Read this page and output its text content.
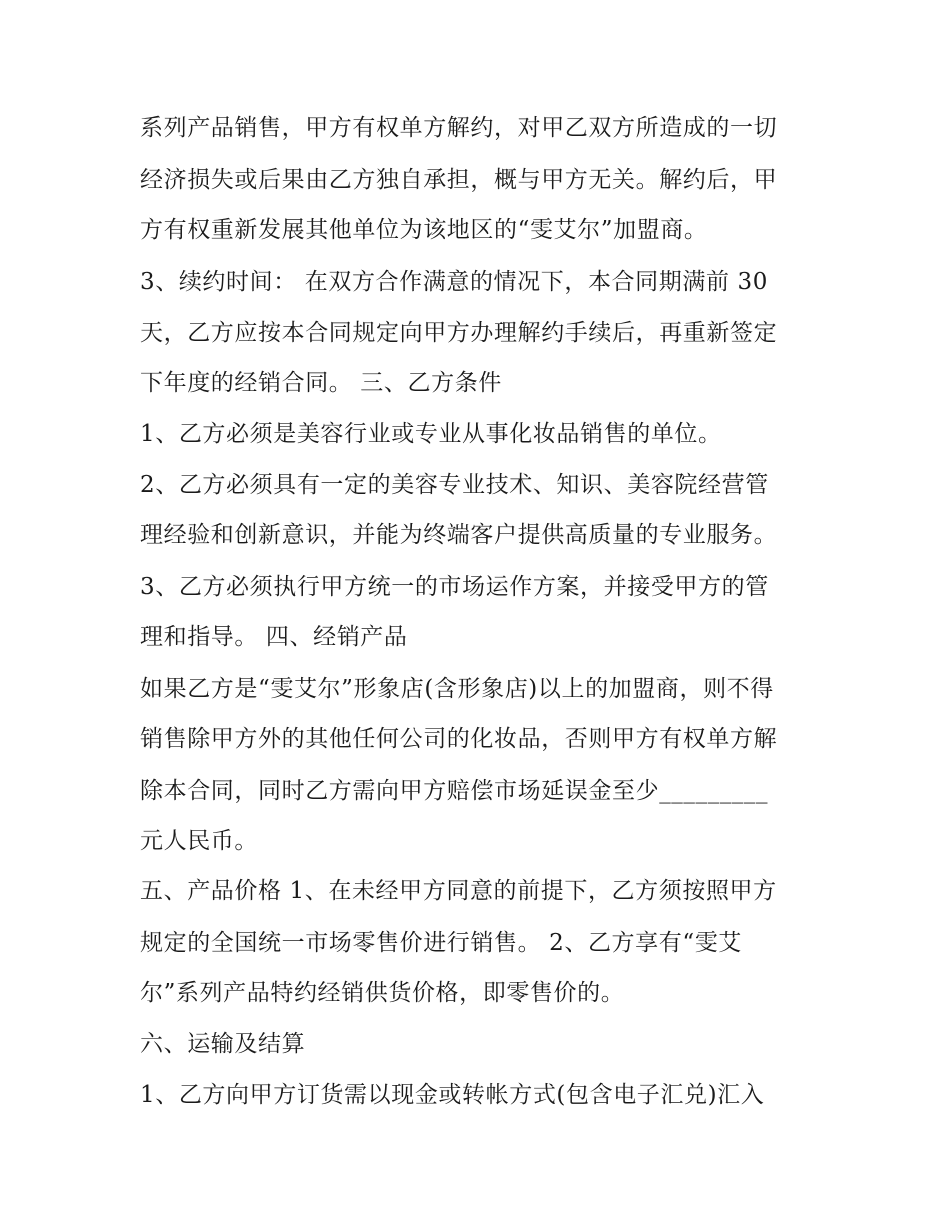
系列产品销售，甲方有权单方解约，对甲乙双方所造成的一切

经济损失或后果由乙方独自承担，概与甲方无关。解约后，甲

方有权重新发展其他单位为该地区的“雯艾尔”加盟商。

3、续约时间： 在双方合作满意的情况下，本合同期满前 30

天，乙方应按本合同规定向甲方办理解约手续后，再重新签定

下年度的经销合同。 三、乙方条件

1、乙方必须是美容行业或专业从事化妆品销售的单位。

2、乙方必须具有一定的美容专业技术、知识、美容院经营管

理经验和创新意识，并能为终端客户提供高质量的专业服务。

3、乙方必须执行甲方统一的市场运作方案，并接受甲方的管

理和指导。 四、经销产品

如果乙方是“雯艾尔”形象店(含形象店)以上的加盟商，则不得

销售除甲方外的其他任何公司的化妆品，否则甲方有权单方解

除本合同，同时乙方需向甲方赔偿市场延误金至少_________

元人民币。

五、产品价格 1、在未经甲方同意的前提下，乙方须按照甲方

规定的全国统一市场零售价进行销售。 2、乙方享有“雯艾

尔”系列产品特约经销供货价格，即零售价的。

六、运输及结算

1、乙方向甲方订货需以现金或转帐方式(包含电子汇兑)汇入
